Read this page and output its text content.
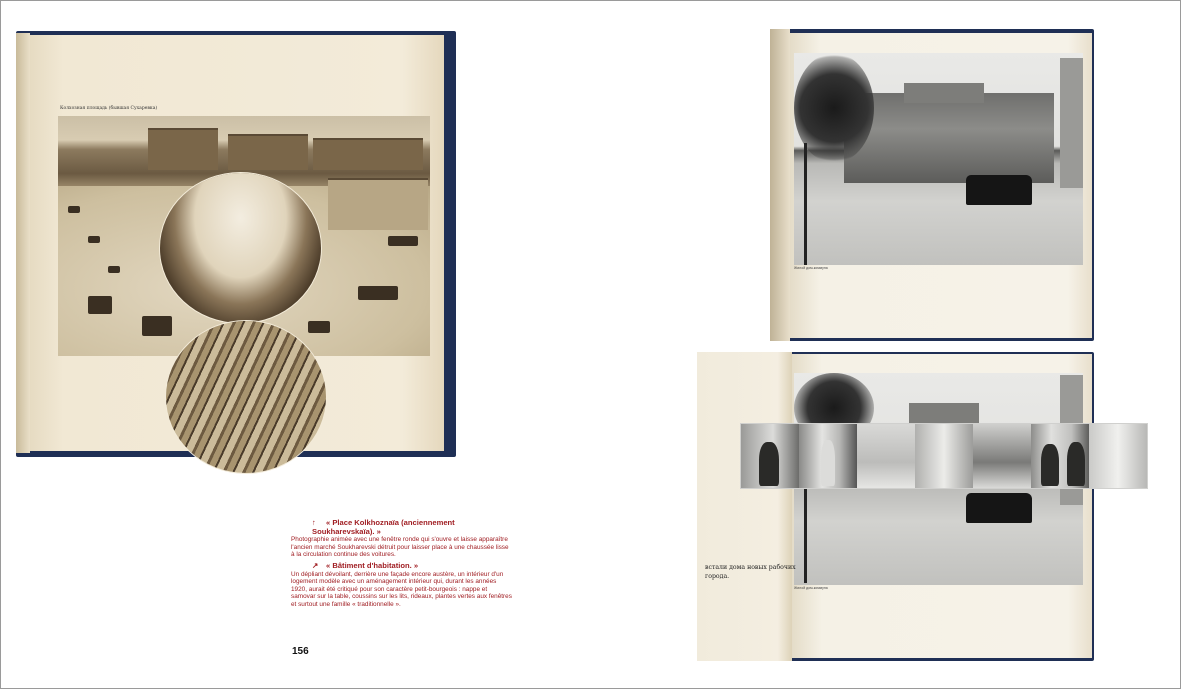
Колхозная площадь (бывшая Сухаревка)
↑ « Place Kolkhoznaïa (anciennement Soukharevskaïa). »
Photographie animée avec une fenêtre ronde qui s'ouvre et laisse apparaître l'ancien marché Soukharevski détruit pour laisser place à une chaussée lisse à la circulation continue des voitures.
↗ « Bâtiment d'habitation. »
Un dépliant dévoilant, derrière une façade encore austère, un intérieur d'un logement modèle avec un aménagement intérieur qui, durant les années 1920, aurait été critiqué pour son caractère petit-bourgeois : nappe et samovar sur la table, coussins sur les lits, rideaux, plantes vertes aux fenêtres et surtout une famille « traditionnelle ».
156
Жилой дом-коммуна
Жилой дом-коммуна
встали дома новых рабочих
города.
